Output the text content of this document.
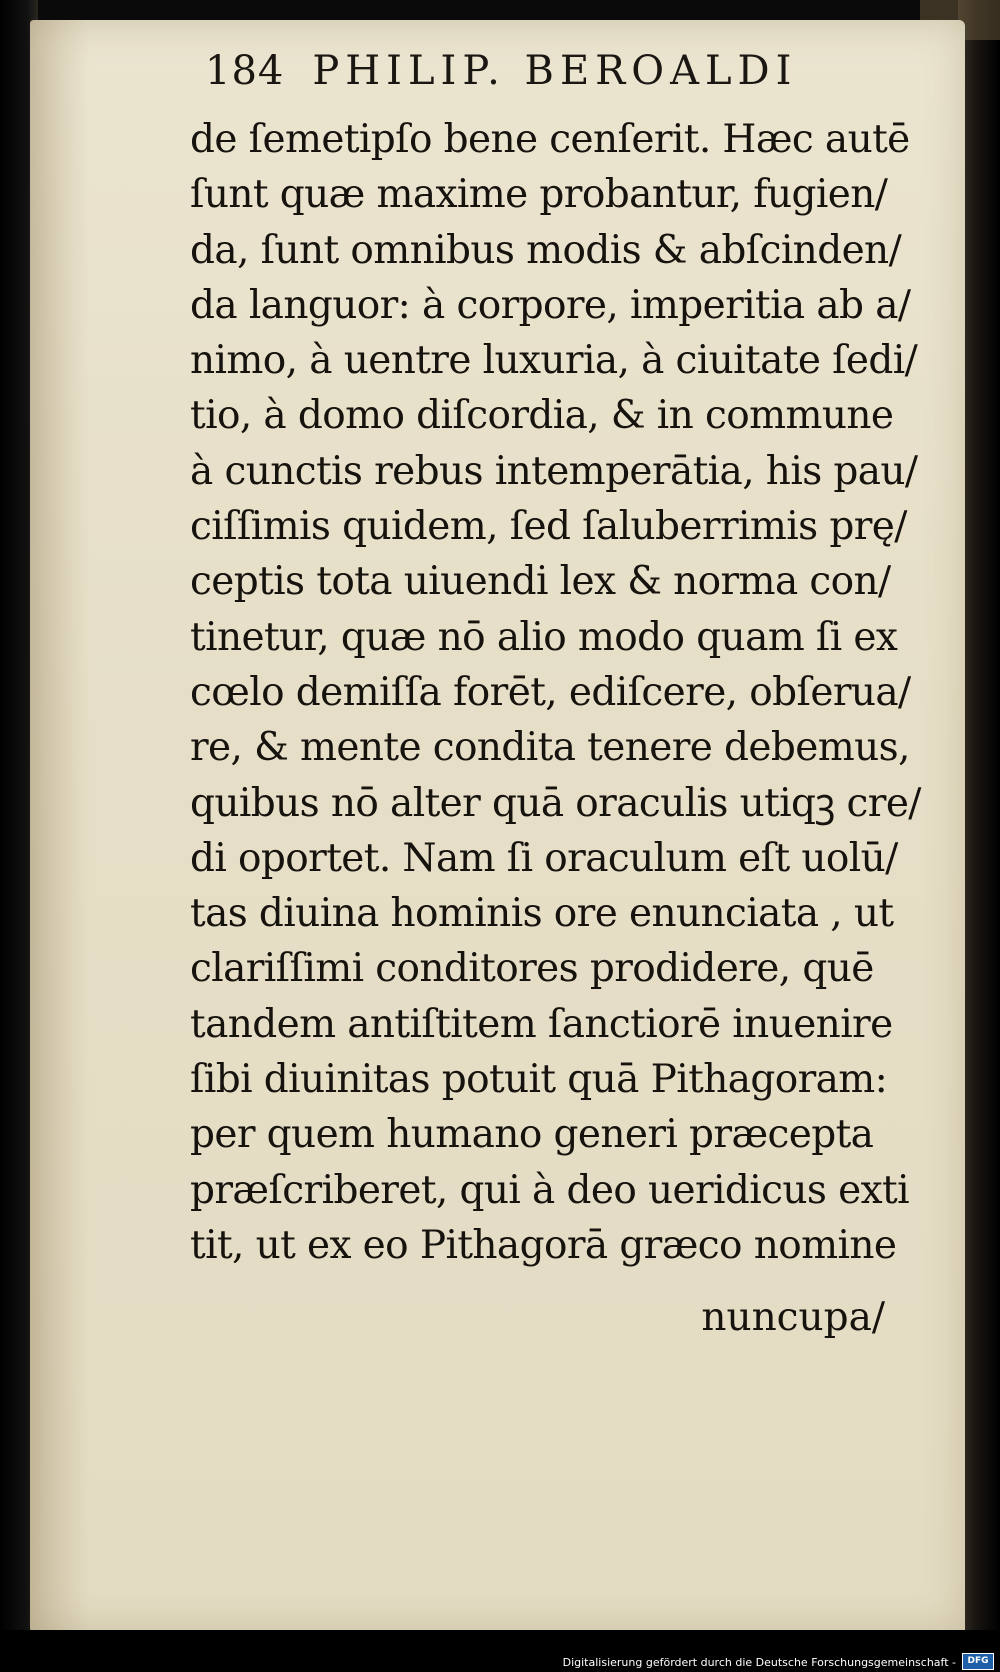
184 PHILIP. BEROALDI
de ſemetipſo bene cenſerit. Hæc autē
ſunt quæ maxime probantur, fugien/
da, ſunt omnibus modis & abſcinden/
da languor: à corpore, imperitia ab a/
nimo, à uentre luxuria, à ciuitate ſedi/
tio, à domo diſcordia, & in commune
à cunctis rebus intemperātia, his pau/
ciſſimis quidem, ſed ſaluberrimis prę/
ceptis tota uiuendi lex & norma con/
tinetur, quæ nō alio modo quam ſi ex
cœlo demiſſa forēt, ediſcere, obſerua/
re, & mente condita tenere debemus,
quibus nō alter quā oraculis utiqꝫ cre/
di oportet. Nam ſi oraculum eſt uolū/
tas diuina hominis ore enunciata , ut
clariſſimi conditores prodidere, quē
tandem antiſtitem ſanctiorē inuenire
ſibi diuinitas potuit quā Pithagoram:
per quem humano generi præcepta
præſcriberet, qui à deo ueridicus exti
tit, ut ex eo Pithagorā græco nomine
nuncupa/
Digitalisierung gefördert durch die Deutsche Forschungsgemeinschaft -	DFG
